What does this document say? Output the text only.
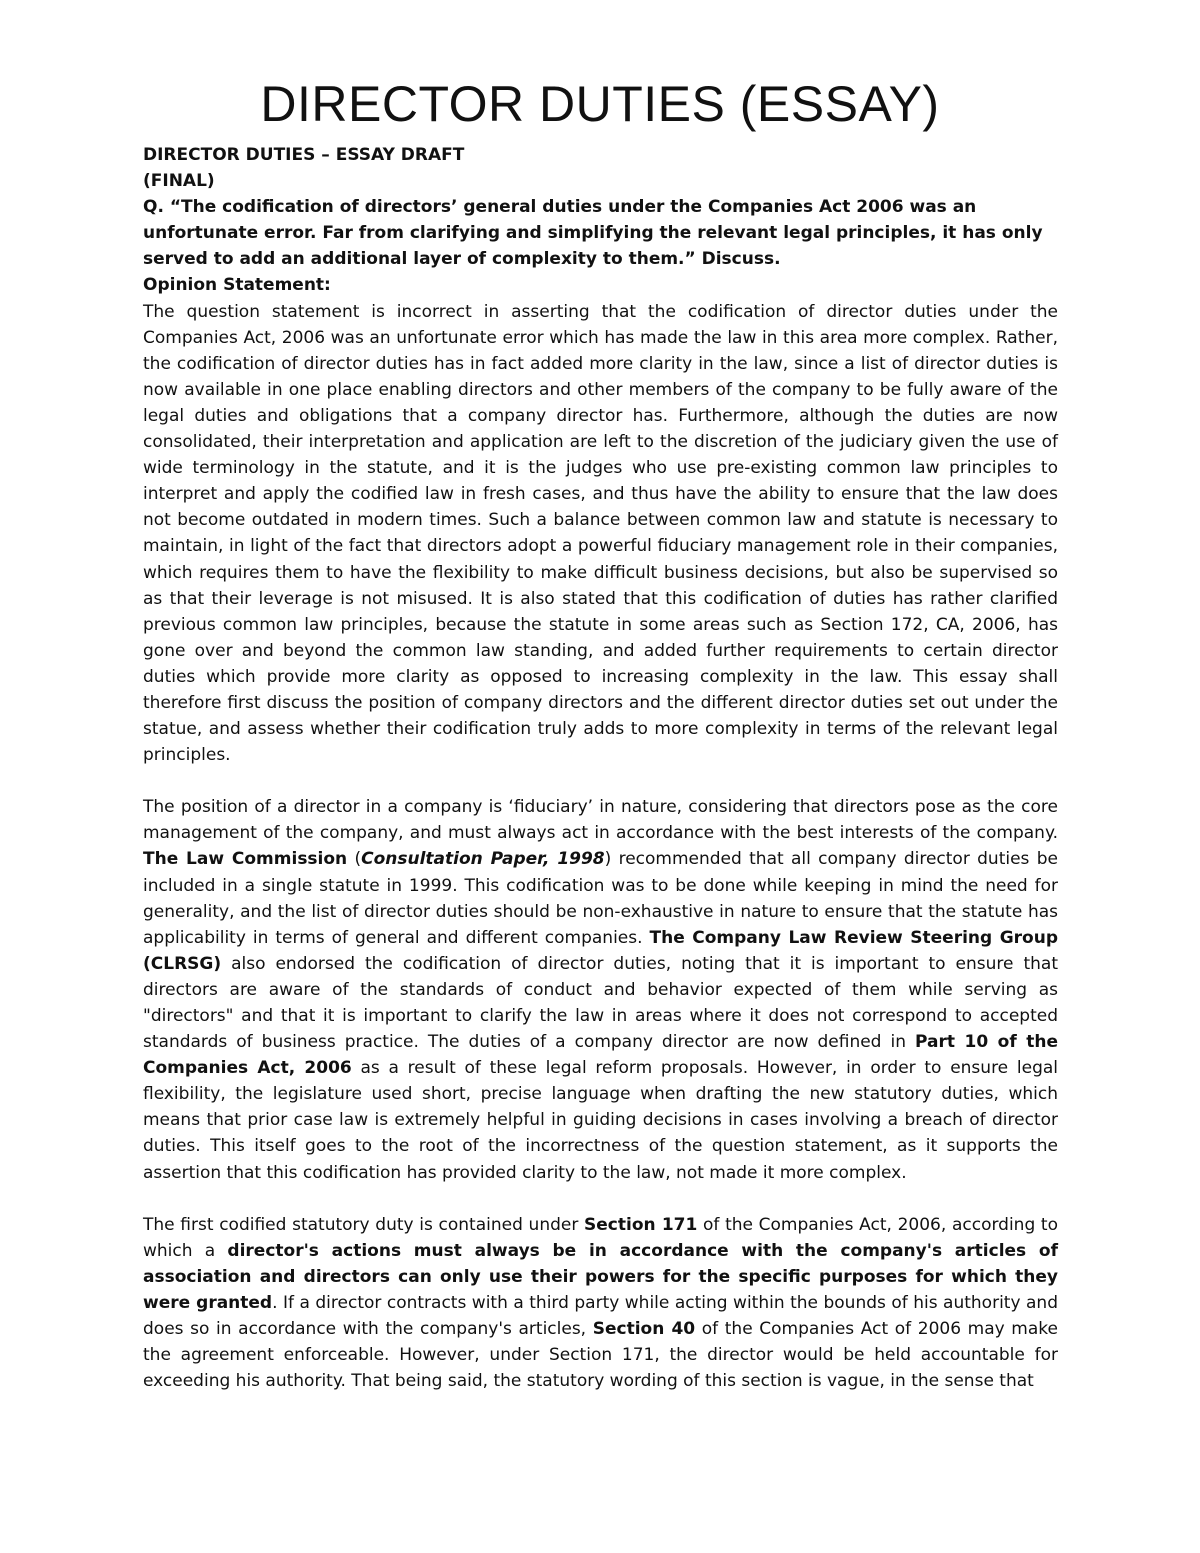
DIRECTOR DUTIES (ESSAY)

DIRECTOR DUTIES – ESSAY DRAFT

(FINAL)

Q. “The codification of directors’ general duties under the Companies Act 2006 was an unfortunate error. Far from clarifying and simplifying the relevant legal principles, it has only served to add an additional layer of complexity to them.” Discuss.

Opinion Statement:

The question statement is incorrect in asserting that the codification of director duties under the Companies Act, 2006 was an unfortunate error which has made the law in this area more complex. Rather, the codification of director duties has in fact added more clarity in the law, since a list of director duties is now available in one place enabling directors and other members of the company to be fully aware of the legal duties and obligations that a company director has. Furthermore, although the duties are now consolidated, their interpretation and application are left to the discretion of the judiciary given the use of wide terminology in the statute, and it is the judges who use pre-existing common law principles to interpret and apply the codified law in fresh cases, and thus have the ability to ensure that the law does not become outdated in modern times. Such a balance between common law and statute is necessary to maintain, in light of the fact that directors adopt a powerful fiduciary management role in their companies, which requires them to have the flexibility to make difficult business decisions, but also be supervised so as that their leverage is not misused. It is also stated that this codification of duties has rather clarified previous common law principles, because the statute in some areas such as Section 172, CA, 2006, has gone over and beyond the common law standing, and added further requirements to certain director duties which provide more clarity as opposed to increasing complexity in the law. This essay shall therefore first discuss the position of company directors and the different director duties set out under the statue, and assess whether their codification truly adds to more complexity in terms of the relevant legal principles.

The position of a director in a company is ‘fiduciary’ in nature, considering that directors pose as the core management of the company, and must always act in accordance with the best interests of the company. The Law Commission (Consultation Paper, 1998) recommended that all company director duties be included in a single statute in 1999. This codification was to be done while keeping in mind the need for generality, and the list of director duties should be non-exhaustive in nature to ensure that the statute has applicability in terms of general and different companies. The Company Law Review Steering Group (CLRSG) also endorsed the codification of director duties, noting that it is important to ensure that directors are aware of the standards of conduct and behavior expected of them while serving as "directors" and that it is important to clarify the law in areas where it does not correspond to accepted standards of business practice. The duties of a company director are now defined in Part 10 of the Companies Act, 2006 as a result of these legal reform proposals. However, in order to ensure legal flexibility, the legislature used short, precise language when drafting the new statutory duties, which means that prior case law is extremely helpful in guiding decisions in cases involving a breach of director duties. This itself goes to the root of the incorrectness of the question statement, as it supports the assertion that this codification has provided clarity to the law, not made it more complex.

The first codified statutory duty is contained under Section 171 of the Companies Act, 2006, according to which a director's actions must always be in accordance with the company's articles of association and directors can only use their powers for the specific purposes for which they were granted. If a director contracts with a third party while acting within the bounds of his authority and does so in accordance with the company's articles, Section 40 of the Companies Act of 2006 may make the agreement enforceable. However, under Section 171, the director would be held accountable for exceeding his authority. That being said, the statutory wording of this section is vague, in the sense that
